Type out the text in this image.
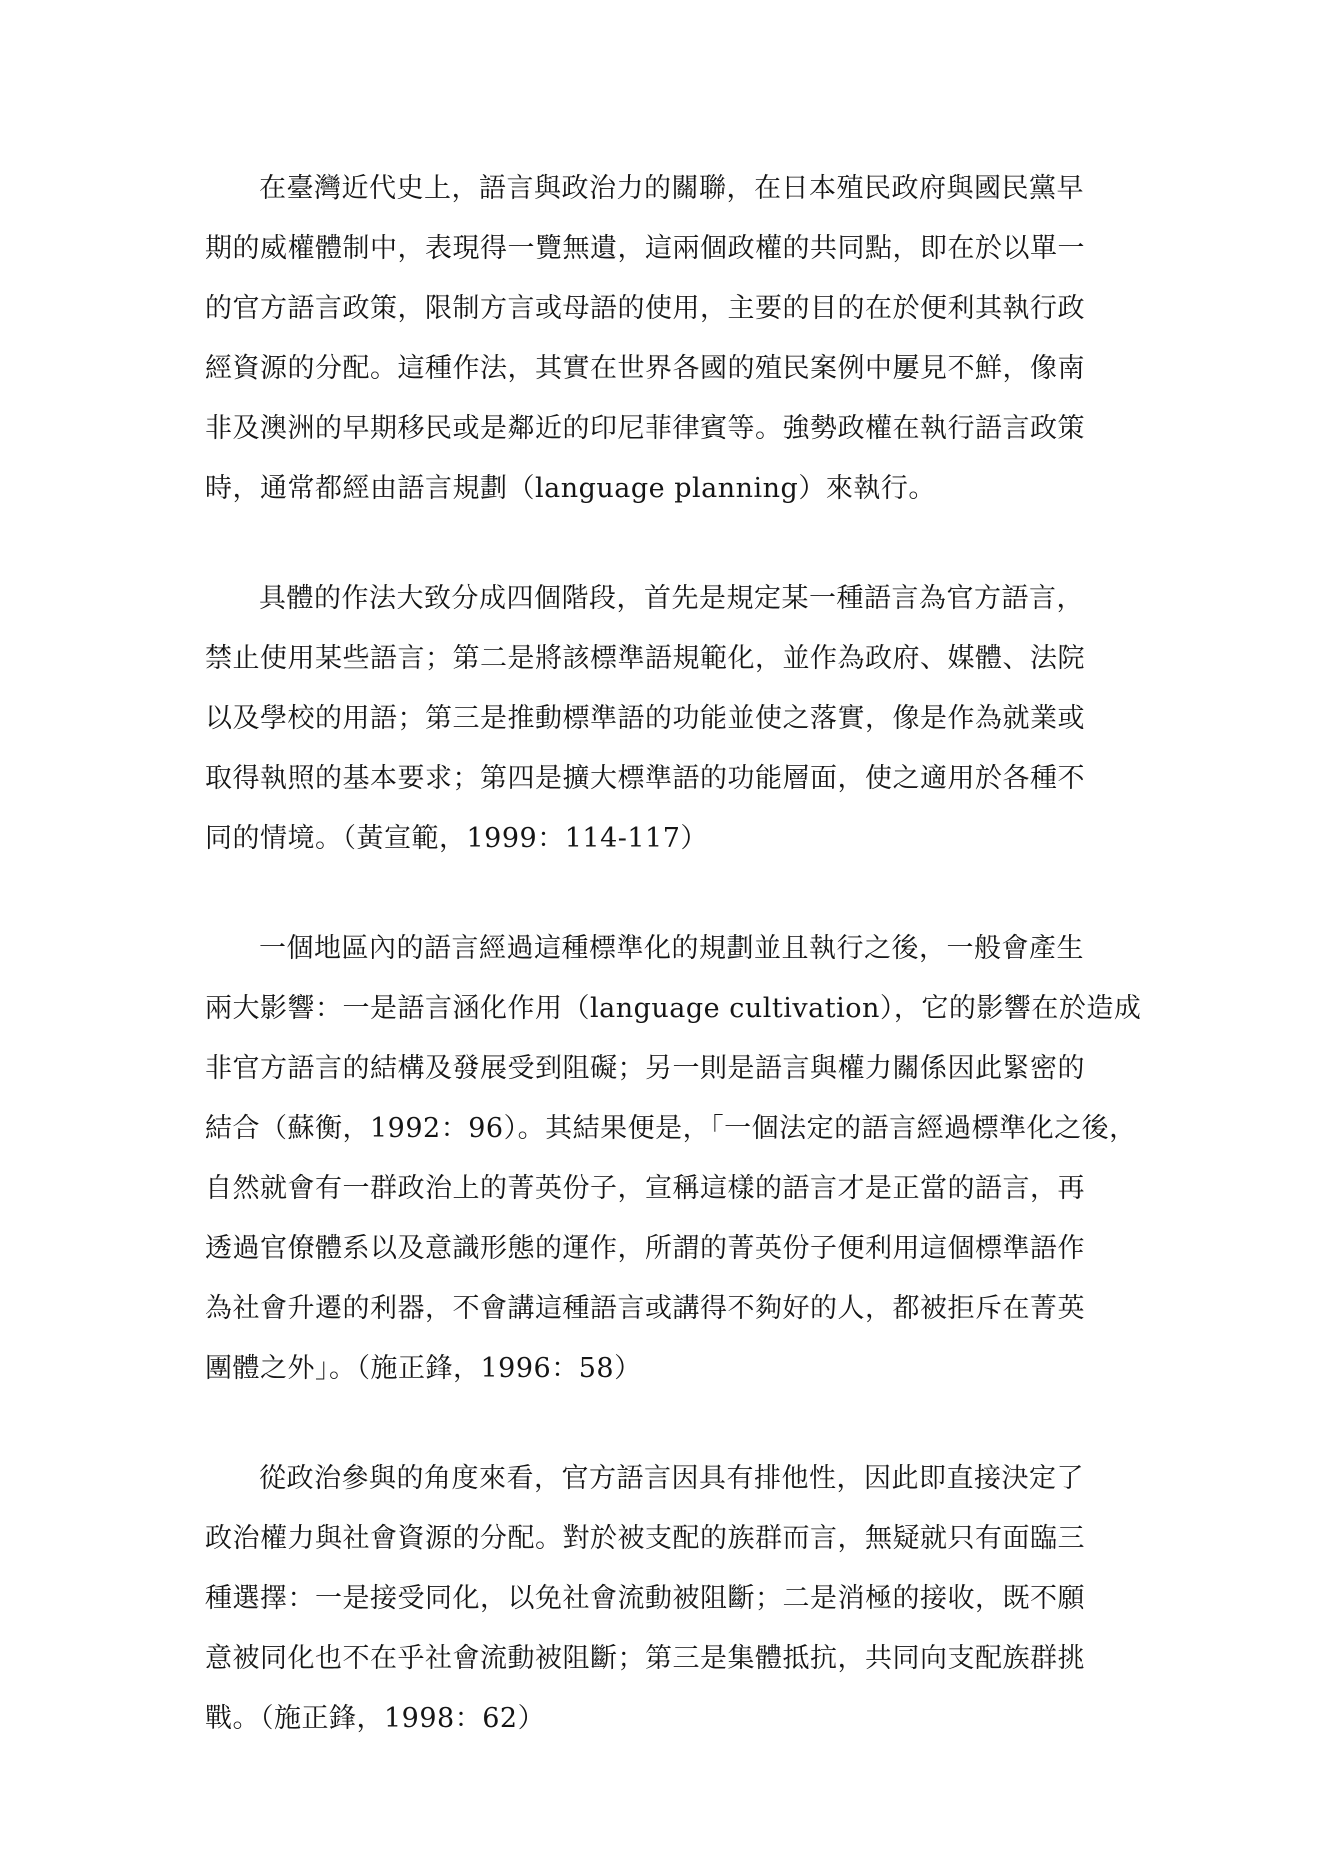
在臺灣近代史上，語言與政治力的關聯，在日本殖民政府與國民黨早
期的威權體制中，表現得一覽無遺，這兩個政權的共同點，即在於以單一
的官方語言政策，限制方言或母語的使用，主要的目的在於便利其執行政
經資源的分配。這種作法，其實在世界各國的殖民案例中屢見不鮮，像南
非及澳洲的早期移民或是鄰近的印尼菲律賓等。強勢政權在執行語言政策
時，通常都經由語言規劃（language planning）來執行。
具體的作法大致分成四個階段，首先是規定某一種語言為官方語言，
禁止使用某些語言；第二是將該標準語規範化，並作為政府、媒體、法院
以及學校的用語；第三是推動標準語的功能並使之落實，像是作為就業或
取得執照的基本要求；第四是擴大標準語的功能層面，使之適用於各種不
同的情境。（黃宣範，1999：114-117）
一個地區內的語言經過這種標準化的規劃並且執行之後，一般會產生
兩大影響：一是語言涵化作用（language cultivation），它的影響在於造成
非官方語言的結構及發展受到阻礙；另一則是語言與權力關係因此緊密的
結合（蘇衡，1992：96）。其結果便是，「一個法定的語言經過標準化之後，
自然就會有一群政治上的菁英份子，宣稱這樣的語言才是正當的語言，再
透過官僚體系以及意識形態的運作，所謂的菁英份子便利用這個標準語作
為社會升遷的利器，不會講這種語言或講得不夠好的人，都被拒斥在菁英
團體之外」。（施正鋒，1996：58）
從政治參與的角度來看，官方語言因具有排他性，因此即直接決定了
政治權力與社會資源的分配。對於被支配的族群而言，無疑就只有面臨三
種選擇：一是接受同化，以免社會流動被阻斷；二是消極的接收，既不願
意被同化也不在乎社會流動被阻斷；第三是集體抵抗，共同向支配族群挑
戰。（施正鋒，1998：62）
